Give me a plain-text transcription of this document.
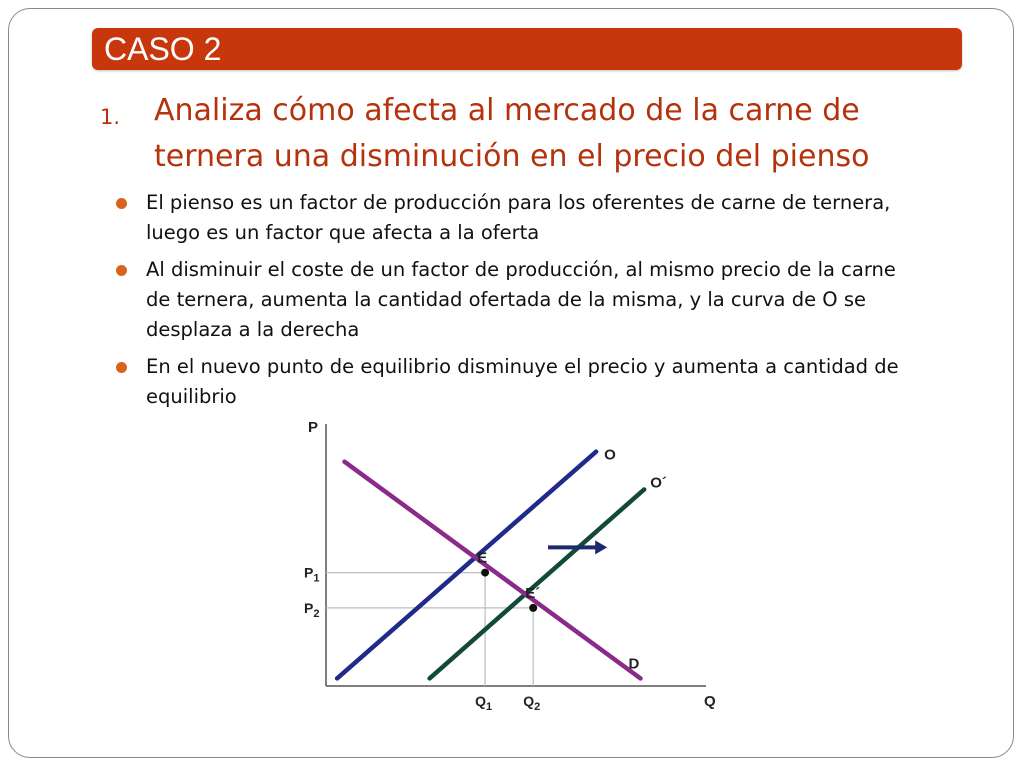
CASO 2
1. Analiza cómo afecta al mercado de la carne de
ternera una disminución en el precio del pienso
El pienso es un factor de producción para los oferentes de carne de ternera,
luego es un factor que afecta a la oferta
Al disminuir el coste de un factor de producción, al mismo precio de la carne
de ternera, aumenta la cantidad ofertada de la misma, y la curva de O se
desplaza a la derecha
En el nuevo punto de equilibrio disminuye el precio y aumenta a cantidad de
equilibrio
P
Q
O
O´
D
E
E´
$P_1$
$P_2$
$Q_1$ $Q_2$
